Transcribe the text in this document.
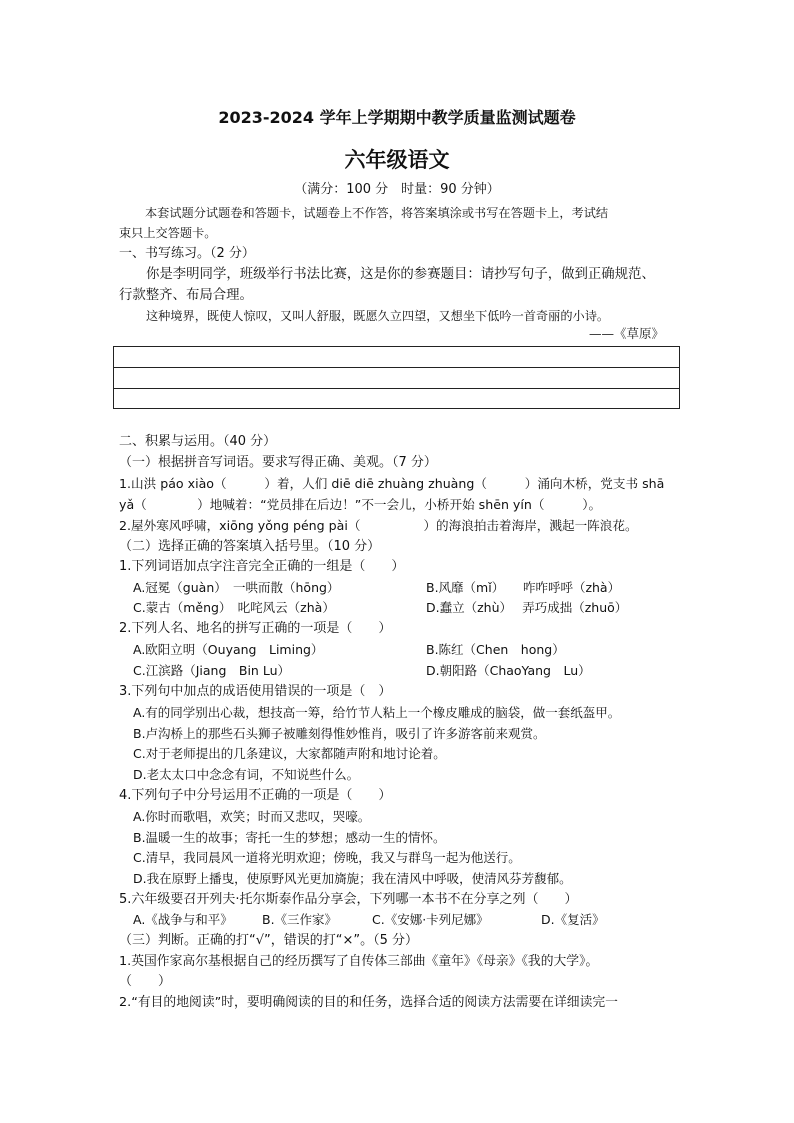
2023-2024 学年上学期期中教学质量监测试题卷
六年级语文
（满分：100 分　时量：90 分钟）
本套试题分试题卷和答题卡，试题卷上不作答，将答案填涂或书写在答题卡上，考试结
束只上交答题卡。
一、书写练习。（2 分）
你是李明同学，班级举行书法比赛，这是你的参赛题目：请抄写句子，做到正确规范、
行款整齐、布局合理。
这种境界，既使人惊叹，又叫人舒服，既愿久立四望，又想坐下低吟一首奇丽的小诗。
——《草原》
二、积累与运用。（40 分）
（一）根据拼音写词语。要求写得正确、美观。（7 分）
1.山洪 páo xiào（　　　）着，人们 diē diē zhuàng zhuàng（　　　）涌向木桥，党支书 shā
yǎ（　　　　）地喊着：“党员排在后边！”不一会儿，小桥开始 shēn yín（　　　）。
2.屋外寒风呼啸，xiōng yǒng péng pài（　　　　　）的海浪拍击着海岸，溅起一阵浪花。
（二）选择正确的答案填入括号里。（10 分）
1.下列词语加点字注音完全正确的一组是（　　）
A.冠冕（guàn）　一哄而散（hōng）	B.风靡（mǐ）　　咋咋呼呼（zhà）
C.蒙古（měng）　叱咤风云（zhà）	D.蠢立（zhù）　 弄巧成拙（zhuō）
2.下列人名、地名的拼写正确的一项是（　　）
A.欧阳立明（Ouyang　Liming）	B.陈红（Chen　hong）
C.江滨路（Jiang　Bin Lu）	D.朝阳路（ChaoYang　Lu）
3.下列句中加点的成语使用错误的一项是（　）
A.有的同学别出心裁，想技高一筹，给竹节人粘上一个橡皮雕成的脑袋，做一套纸盔甲。
B.卢沟桥上的那些石头狮子被雕刻得惟妙惟肖，吸引了许多游客前来观赏。
C.对于老师提出的几条建议，大家都随声附和地讨论着。
D.老太太口中念念有词，不知说些什么。
4.下列句子中分号运用不正确的一项是（　　）
A.你时而歌唱，欢笑；时而又悲叹，哭嚎。
B.温暖一生的故事；寄托一生的梦想；感动一生的情怀。
C.清早，我同晨风一道将光明欢迎；傍晚，我又与群鸟一起为他送行。
D.我在原野上播曳，使原野风光更加旖旎；我在清风中呼吸，使清风芬芳馥郁。
5.六年级要召开列夫·托尔斯泰作品分享会，下列哪一本书不在分享之列（　　）
A.《战争与和平》 B.《三作家》	C.《安娜·卡列尼娜》	D.《复活》
（三）判断。正确的打“√”，错误的打“×”。（5 分）
1.英国作家高尔基根据自己的经历撰写了自传体三部曲《童年》《母亲》《我的大学》。
（　　）
2.“有目的地阅读”时，要明确阅读的目的和任务，选择合适的阅读方法需要在详细读完一
